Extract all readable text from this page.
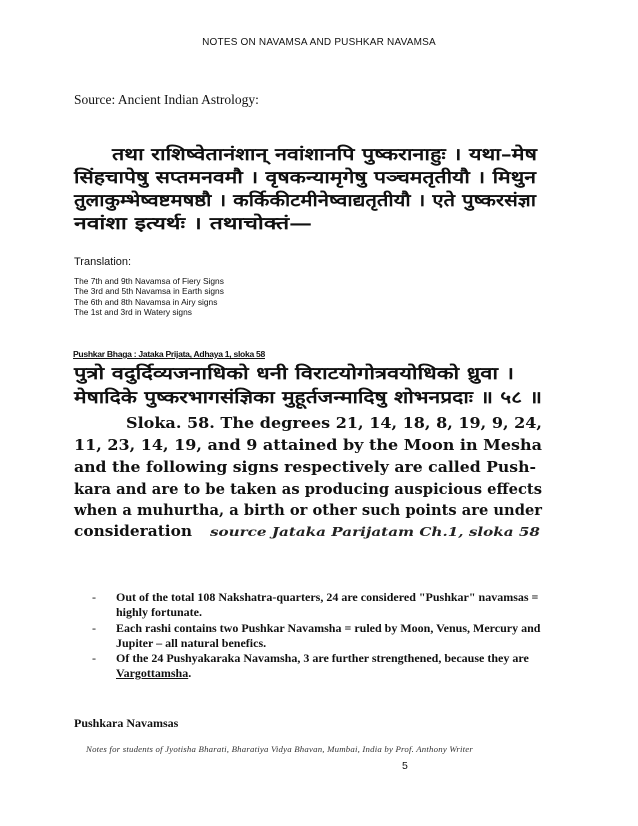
NOTES ON NAVAMSA AND PUSHKAR NAVAMSA
Source: Ancient Indian Astrology:
तथा राशिष्वेतानंशान् नवांशानपि पुष्करानाहुः । यथा–मेष
सिंहचापेषु सप्तमनवमौ । वृषकन्यामृगेषु पञ्चमतृतीयौ । मिथुन
तुलाकुम्भेष्वष्टमषष्ठौ । कर्किकीटमीनेष्वाद्यतृतीयौ । एते पुष्करसंज्ञा
नवांशा इत्यर्थः । तथाचोक्तं—
Translation:
The 7th and 9th Navamsa of Fiery Signs
The 3rd and 5th Navamsa in Earth signs
The 6th and 8th Navamsa in Airy signs
The 1st and 3rd in Watery signs
Pushkar Bhaga : Jataka Prijata, Adhaya 1, sloka 58
पुत्रो वदुर्दिव्यजनाधिको धनी विराटयोगोत्रवयोधिको ध्रुवा ।
मेषादिके पुष्करभागसंज्ञिका मुहूर्तजन्मादिषु शोभनप्रदाः ॥ ५८ ॥
Sloka. 58. The degrees 21, 14, 18, 8, 19, 9, 24,
11, 23, 14, 19, and 9 attained by the Moon in Mesha
and the following signs respectively are called Push-
kara and are to be taken as producing auspicious effects
when a muhurtha, a birth or other such points are under
consideration source Jataka Parijatam Ch.1, sloka 58
-	Out of the total 108 Nakshatra-quarters, 24 are considered "Pushkar" navamsas = highly fortunate.
-	Each rashi contains two Pushkar Navamsha = ruled by Moon, Venus, Mercury and Jupiter – all natural benefics.
-	Of the 24 Pushyakaraka Navamsha, 3 are further strengthened, because they are Vargottamsha.
Pushkara Navamsas
Notes for students of Jyotisha Bharati, Bharatiya Vidya Bhavan, Mumbai, India by Prof. Anthony Writer
5
